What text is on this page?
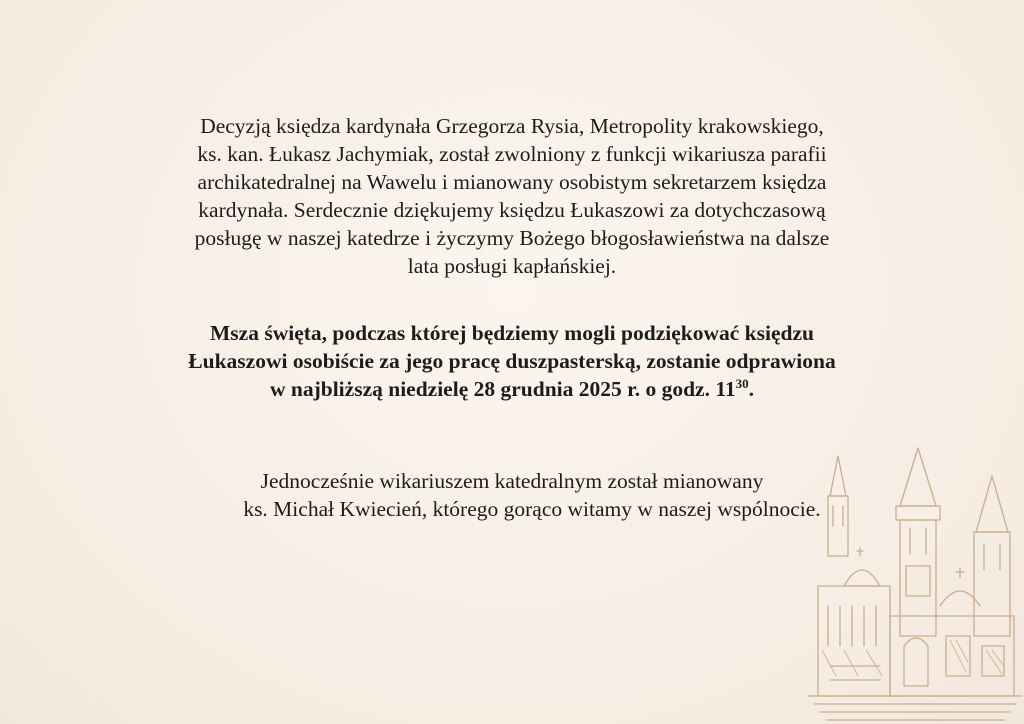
Decyzją księdza kardynała Grzegorza Rysia, Metropolity krakowskiego,
ks. kan. Łukasz Jachymiak, został zwolniony z funkcji wikariusza parafii
archikatedralnej na Wawelu i mianowany osobistym sekretarzem księdza
kardynała. Serdecznie dziękujemy księdzu Łukaszowi za dotychczasową
posługę w naszej katedrze i życzymy Bożego błogosławieństwa na dalsze
lata posługi kapłańskiej.

Msza święta, podczas której będziemy mogli podziękować księdzu
Łukaszowi osobiście za jego pracę duszpasterską, zostanie odprawiona
w najbliższą niedzielę 28 grudnia 2025 r. o godz. $11^{30}$.

Jednocześnie wikariuszem katedralnym został mianowany
ks. Michał Kwiecień, którego gorąco witamy w naszej wspólnocie.
